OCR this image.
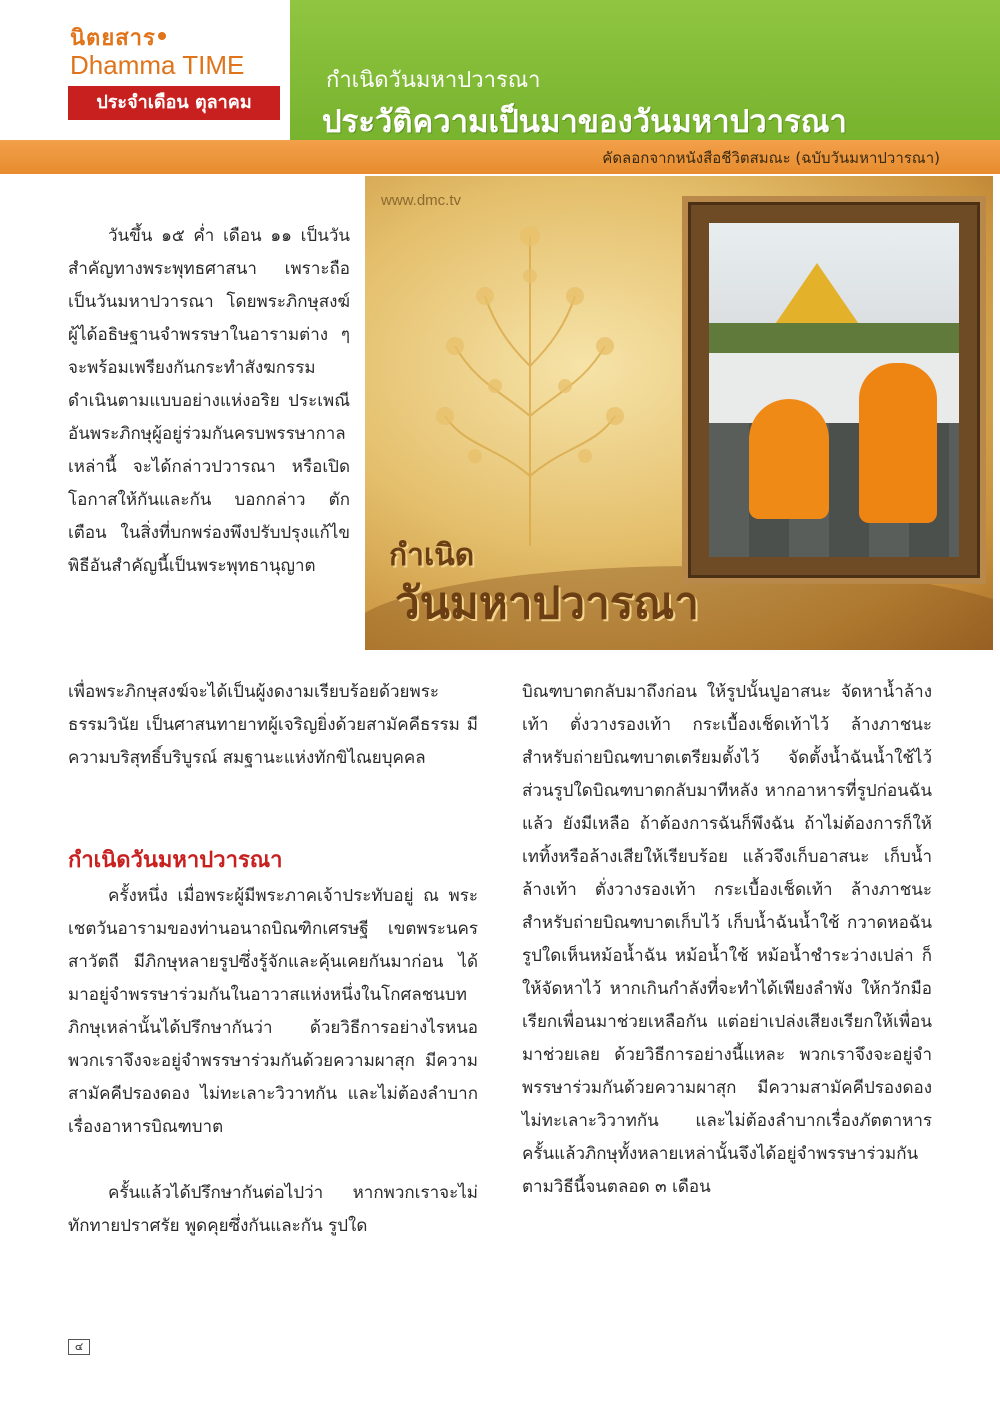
นิตยสาร
Dhamma TIME
ประจำเดือน ตุลาคม
กำเนิดวันมหาปวารณา
ประวัติความเป็นมาของวันมหาปวารณา
คัดลอกจากหนังสือชีวิตสมณะ (ฉบับวันมหาปวารณา)
www.dmc.tv
กำเนิด
วันมหาปวารณา

วันขึ้น ๑๕ ค่ำ เดือน ๑๑ เป็นวันสำคัญทางพระพุทธศาสนา เพราะถือเป็นวันมหาปวารณา โดยพระภิกษุสงฆ์ผู้ได้อธิษฐานจำพรรษาในอารามต่าง ๆ จะพร้อมเพรียงกันกระทำสังฆกรรม ดำเนินตามแบบอย่างแห่งอริย ประเพณีอันพระภิกษุผู้อยู่ร่วมกันครบพรรษากาลเหล่านี้ จะได้กล่าวปวารณา หรือเปิดโอกาสให้กันและกัน บอกกล่าว ตักเตือน ในสิ่งที่บกพร่องพึงปรับปรุงแก้ไข พิธีอันสำคัญนี้เป็นพระพุทธานุญาต

เพื่อพระภิกษุสงฆ์จะได้เป็นผู้งดงามเรียบร้อยด้วยพระธรรมวินัย เป็นศาสนทายาทผู้เจริญยิ่งด้วยสามัคคีธรรม มีความบริสุทธิ์บริบูรณ์ สมฐานะแห่งทักขิไณยบุคคล

กำเนิดวันมหาปวารณา

ครั้งหนึ่ง เมื่อพระผู้มีพระภาคเจ้าประทับอยู่ ณ พระเชตวันอารามของท่านอนาถบิณฑิกเศรษฐี เขตพระนครสาวัตถี มีภิกษุหลายรูปซึ่งรู้จักและคุ้นเคยกันมาก่อน ได้มาอยู่จำพรรษาร่วมกันในอาวาสแห่งหนึ่งในโกศลชนบท ภิกษุเหล่านั้นได้ปรึกษากันว่า ด้วยวิธีการอย่างไรหนอ พวกเราจึงจะอยู่จำพรรษาร่วมกันด้วยความผาสุก มีความสามัคคีปรองดอง ไม่ทะเลาะวิวาทกัน และไม่ต้องลำบากเรื่องอาหารบิณฑบาต

ครั้นแล้วได้ปรึกษากันต่อไปว่า หากพวกเราจะไม่ทักทายปราศรัย พูดคุยซึ่งกันและกัน รูปใด

บิณฑบาตกลับมาถึงก่อน ให้รูปนั้นปูอาสนะ จัดหาน้ำล้างเท้า ตั่งวางรองเท้า กระเบื้องเช็ดเท้าไว้ ล้างภาชนะสำหรับถ่ายบิณฑบาตเตรียมตั้งไว้ จัดตั้งน้ำฉันน้ำใช้ไว้ ส่วนรูปใดบิณฑบาตกลับมาทีหลัง หากอาหารที่รูปก่อนฉันแล้ว ยังมีเหลือ ถ้าต้องการฉันก็พึงฉัน ถ้าไม่ต้องการก็ให้เททิ้งหรือล้างเสียให้เรียบร้อย แล้วจึงเก็บอาสนะ เก็บน้ำล้างเท้า ตั่งวางรองเท้า กระเบื้องเช็ดเท้า ล้างภาชนะสำหรับถ่ายบิณฑบาตเก็บไว้ เก็บน้ำฉันน้ำใช้ กวาดหอฉัน รูปใดเห็นหม้อน้ำฉัน หม้อน้ำใช้ หม้อน้ำชำระว่างเปล่า ก็ให้จัดหาไว้ หากเกินกำลังที่จะทำได้เพียงลำพัง ให้กวักมือเรียกเพื่อนมาช่วยเหลือกัน แต่อย่าเปล่งเสียงเรียกให้เพื่อนมาช่วยเลย ด้วยวิธีการอย่างนี้แหละ พวกเราจึงจะอยู่จำพรรษาร่วมกันด้วยความผาสุก มีความสามัคคีปรองดอง ไม่ทะเลาะวิวาทกัน และไม่ต้องลำบากเรื่องภัตตาหาร ครั้นแล้วภิกษุทั้งหลายเหล่านั้นจึงได้อยู่จำพรรษาร่วมกันตามวิธีนี้จนตลอด ๓ เดือน

๔
